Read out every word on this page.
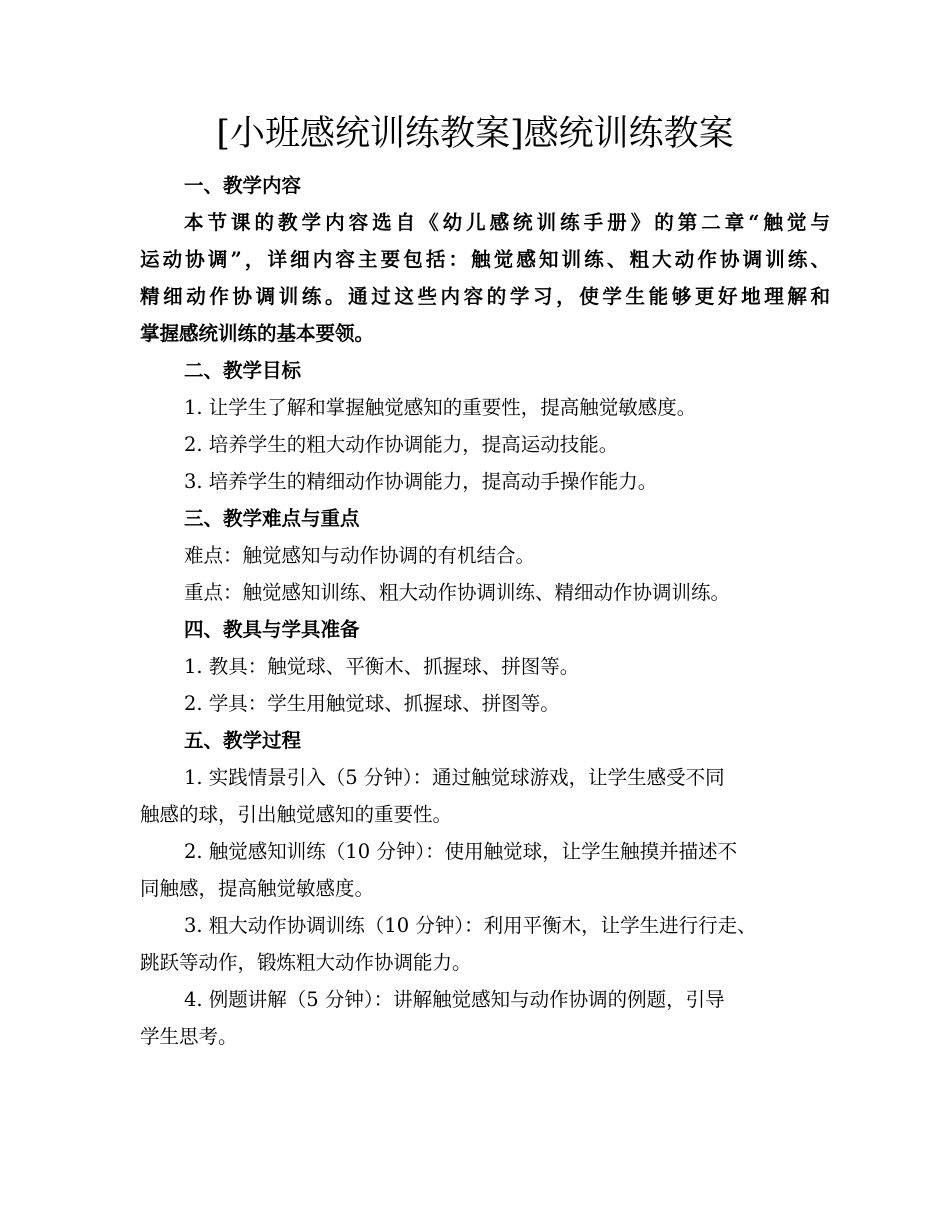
[小班感统训练教案]感统训练教案
一、教学内容
本节课的教学内容选自《幼儿感统训练手册》的第二章“触觉与
运动协调”，详细内容主要包括：触觉感知训练、粗大动作协调训练、
精细动作协调训练。通过这些内容的学习，使学生能够更好地理解和
掌握感统训练的基本要领。
二、教学目标
1. 让学生了解和掌握触觉感知的重要性，提高触觉敏感度。
2. 培养学生的粗大动作协调能力，提高运动技能。
3. 培养学生的精细动作协调能力，提高动手操作能力。
三、教学难点与重点
难点：触觉感知与动作协调的有机结合。
重点：触觉感知训练、粗大动作协调训练、精细动作协调训练。
四、教具与学具准备
1. 教具：触觉球、平衡木、抓握球、拼图等。
2. 学具：学生用触觉球、抓握球、拼图等。
五、教学过程
1. 实践情景引入（5 分钟）：通过触觉球游戏，让学生感受不同
触感的球，引出触觉感知的重要性。
2. 触觉感知训练（10 分钟）：使用触觉球，让学生触摸并描述不
同触感，提高触觉敏感度。
3. 粗大动作协调训练（10 分钟）：利用平衡木，让学生进行行走、
跳跃等动作，锻炼粗大动作协调能力。
4. 例题讲解（5 分钟）：讲解触觉感知与动作协调的例题，引导
学生思考。
